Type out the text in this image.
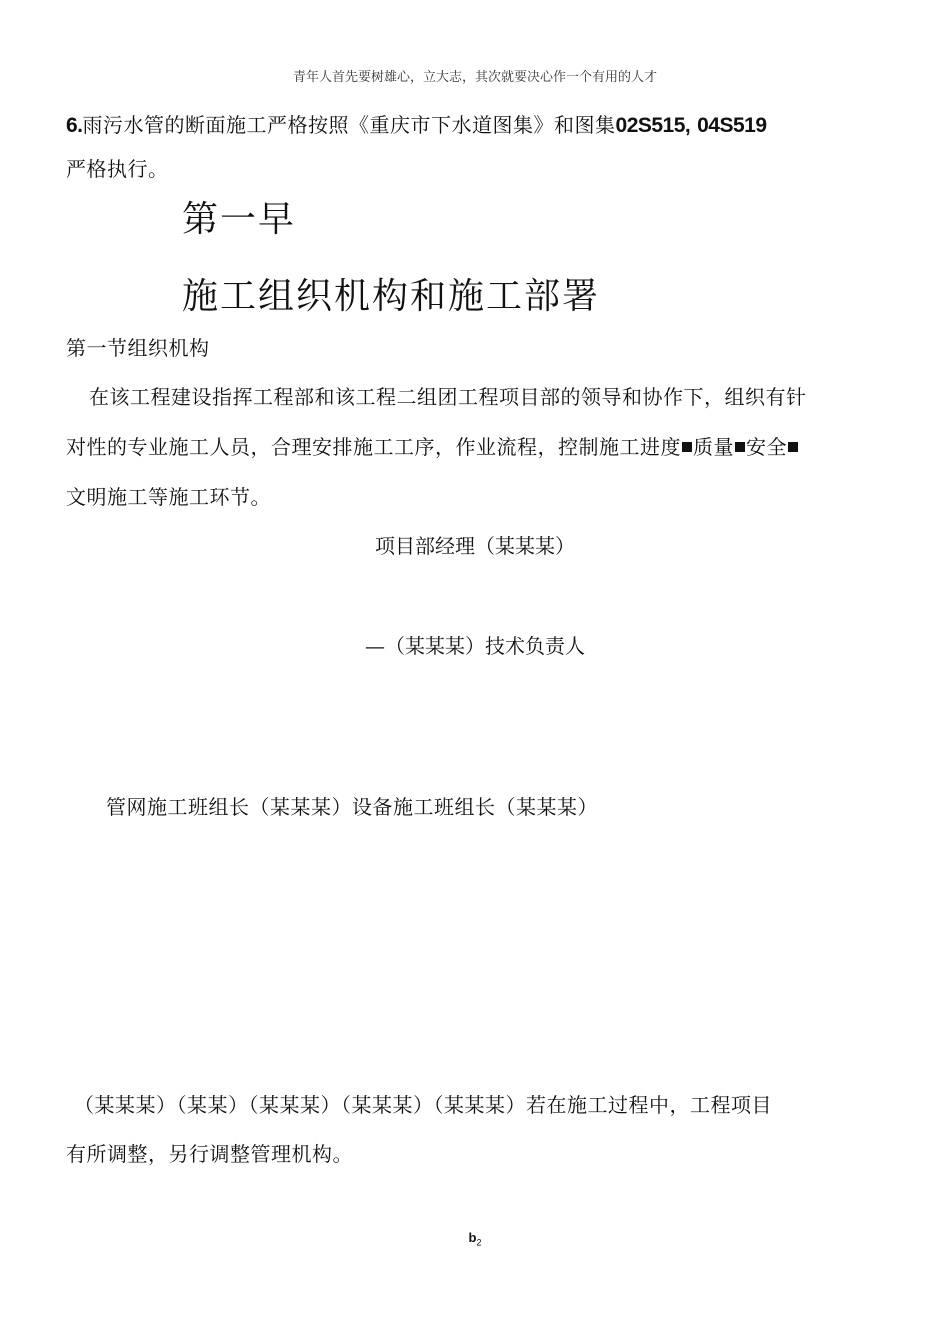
青年人首先要树雄心，立大志，其次就要决心作一个有用的人才
6.雨污水管的断面施工严格按照《重庆市下水道图集》和图集02S515, 04S519
严格执行。
第一早
施工组织机构和施工部署
第一节组织机构
在该工程建设指挥工程部和该工程二组团工程项目部的领导和协作下，组织有针
对性的专业施工人员，合理安排施工工序，作业流程，控制施工进度 质量 安全
文明施工等施工环节。
项目部经理（某某某）
—（某某某）技术负责人
管网施工班组长（某某某）设备施工班组长（某某某）
（某某某）（某某）（某某某）（某某某）（某某某）若在施工过程中，工程项目
有所调整，另行调整管理机构。
$b_2$
